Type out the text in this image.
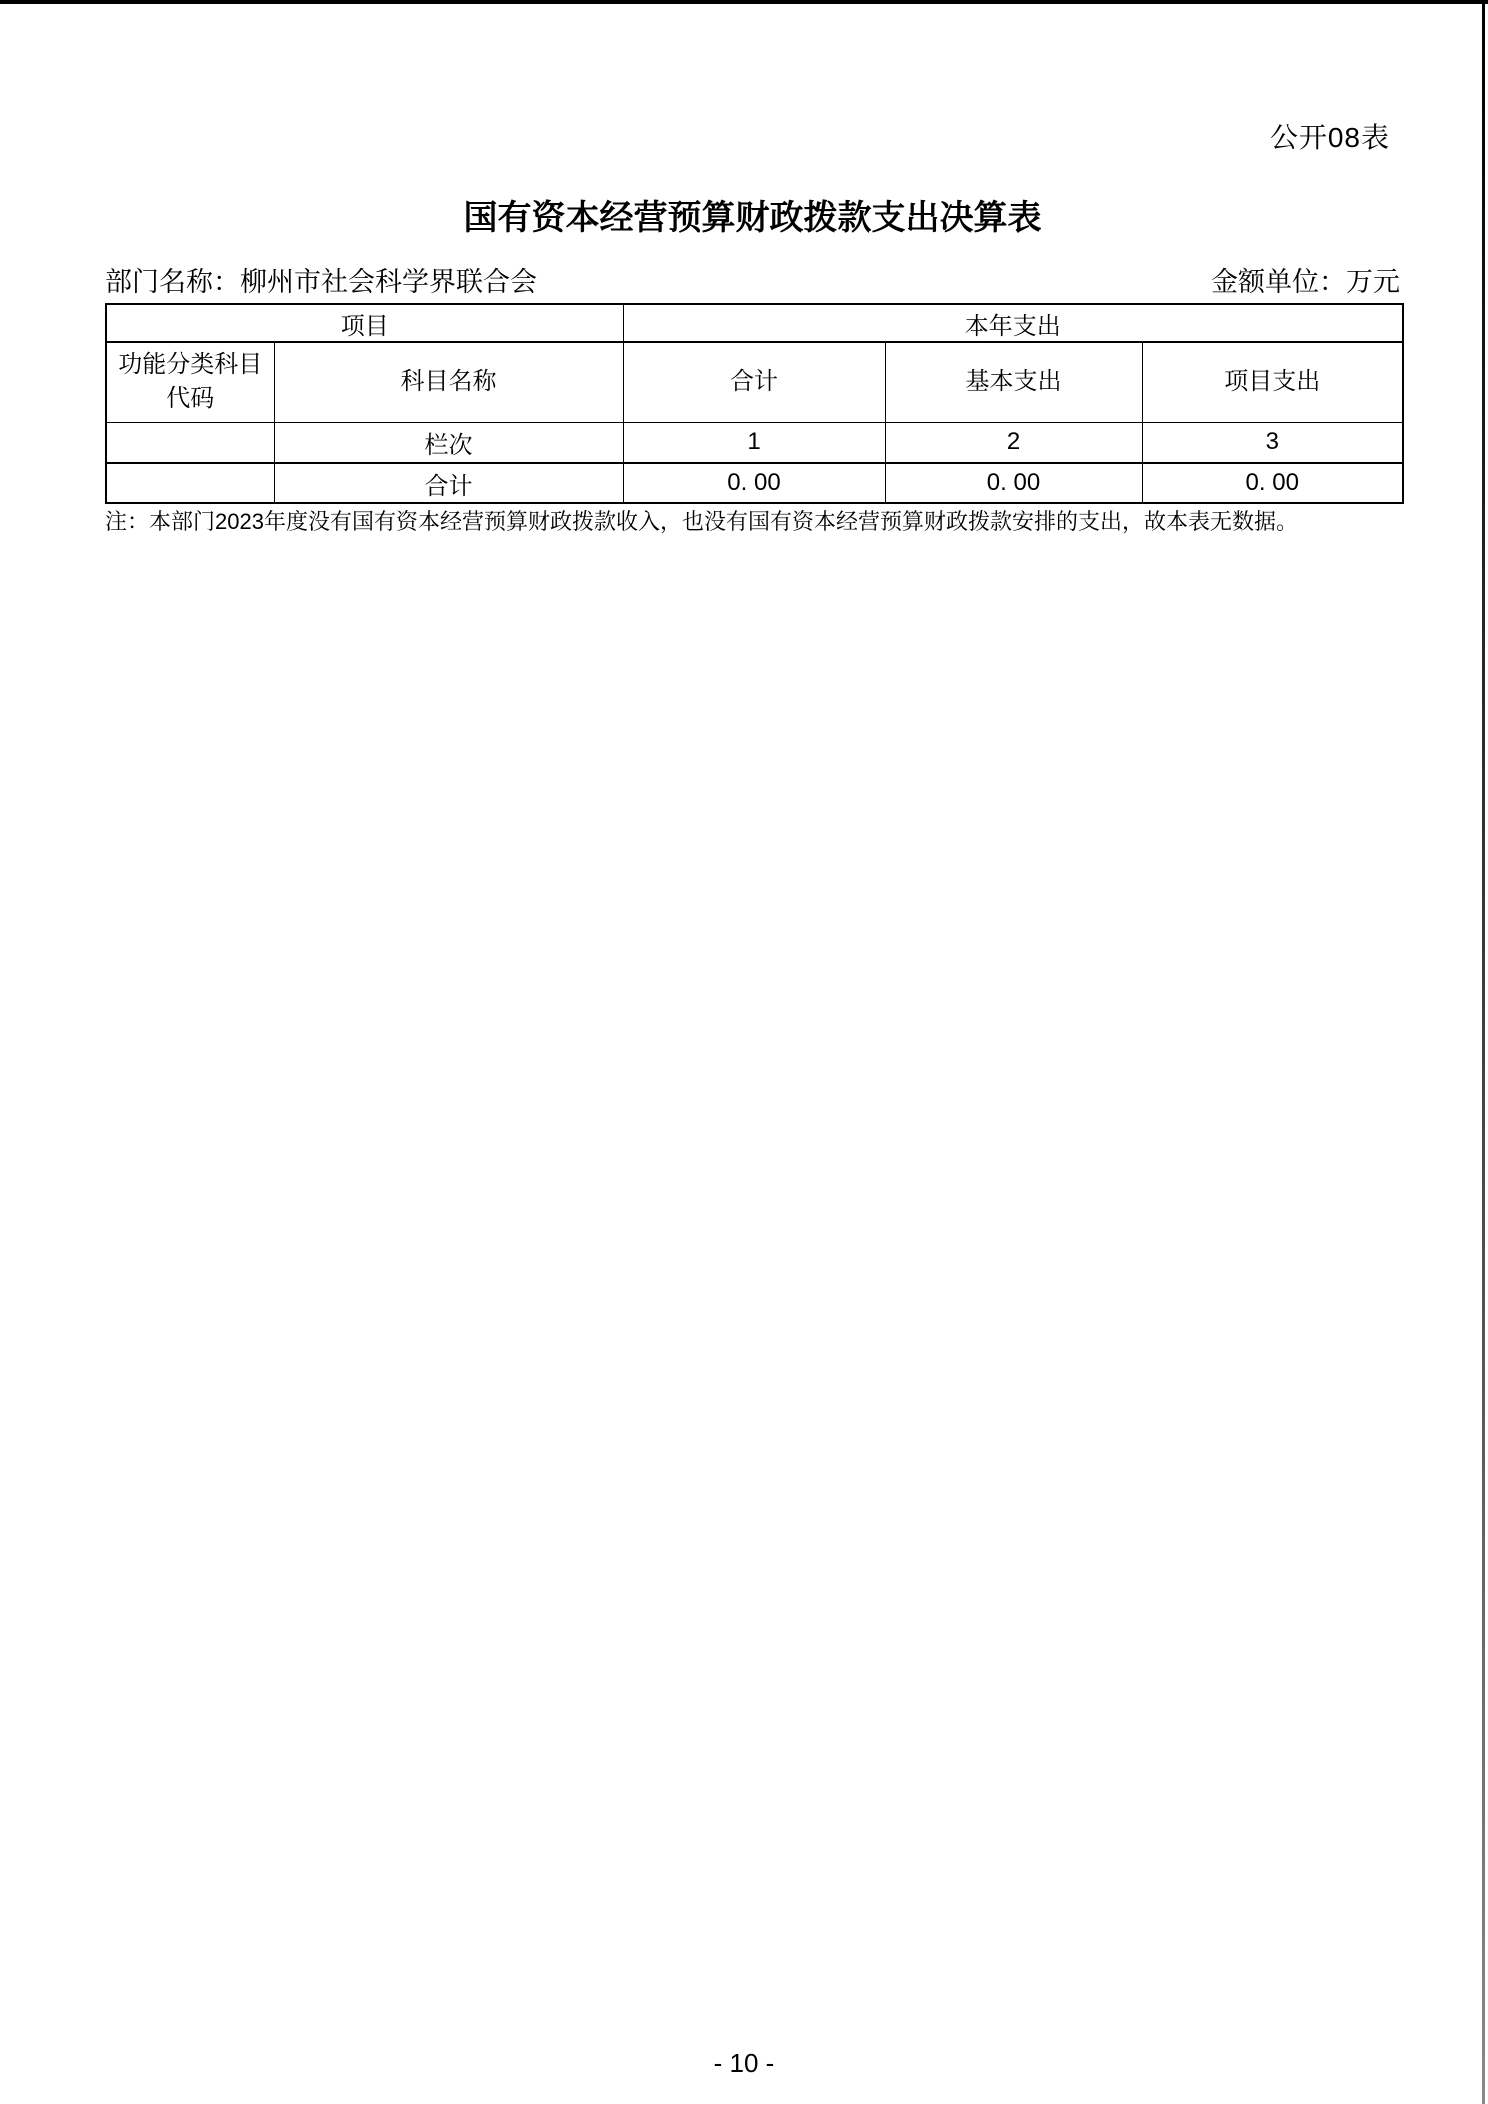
公开08表
国有资本经营预算财政拨款支出决算表
部门名称：柳州市社会科学界联合会	金额单位：万元
项目		本年支出		

功能分类科目
代码	科目名称	合计	基本支出	项目支出
	栏次	1	2	3
	合计	0. 00	0. 00	0. 00
注：本部门2023年度没有国有资本经营预算财政拨款收入，也没有国有资本经营预算财政拨款安排的支出，故本表无数据。
- 10 -
